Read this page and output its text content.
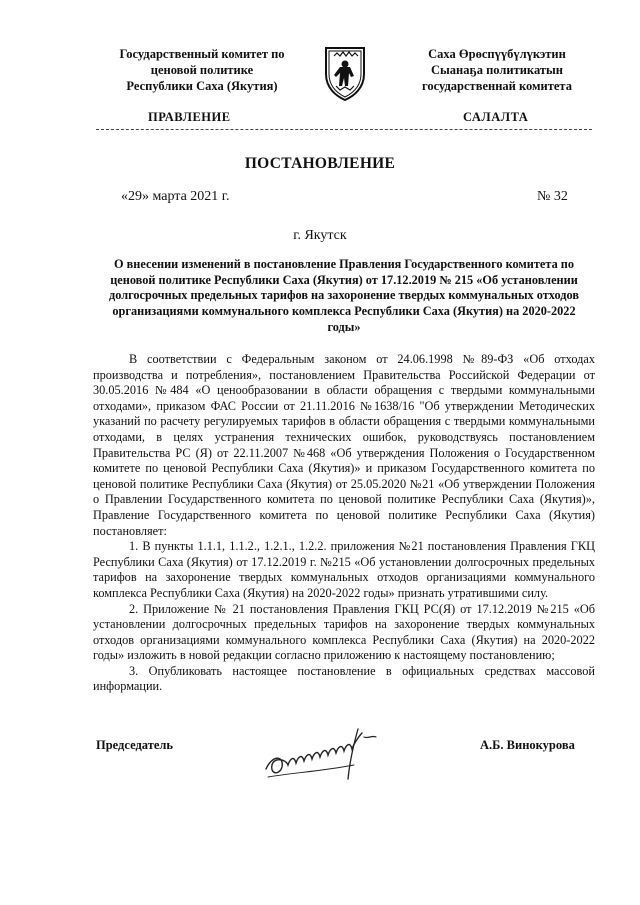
Государственный комитет по
ценовой политике
Республики Саха (Якутия)
Саха Өрөспүүбүлүкэтин
Сыанаҕа политикатын
государственнай комитета
ПРАВЛЕНИЕ	САЛАЛТА
ПОСТАНОВЛЕНИЕ
«29» марта 2021 г.	№ 32
г. Якутск
О внесении изменений в постановление Правления Государственного комитета по ценовой политике Республики Саха (Якутия) от 17.12.2019 № 215 «Об установлении долгосрочных предельных тарифов на захоронение твердых коммунальных отходов организациями коммунального комплекса Республики Саха (Якутия) на 2020-2022 годы»

В соответствии с Федеральным законом от 24.06.1998 №89-ФЗ «Об отходах производства и потребления», постановлением Правительства Российской Федерации от 30.05.2016 №484 «О ценообразовании в области обращения с твердыми коммунальными отходами», приказом ФАС России от 21.11.2016 №1638/16 "Об утверждении Методических указаний по расчету регулируемых тарифов в области обращения с твердыми коммунальными отходами, в целях устранения технических ошибок, руководствуясь постановлением Правительства РС (Я) от 22.11.2007 №468 «Об утверждения Положения о Государственном комитете по ценовой Республики Саха (Якутия)» и приказом Государственного комитета по ценовой политике Республики Саха (Якутия) от 25.05.2020 №21 «Об утверждении Положения о Правлении Государственного комитета по ценовой политике Республики Саха (Якутия)», Правление Государственного комитета по ценовой политике Республики Саха (Якутия) постановляет:

1. В пункты 1.1.1, 1.1.2., 1.2.1., 1.2.2. приложения №21 постановления Правления ГКЦ Республики Саха (Якутия) от 17.12.2019 г. №215 «Об установлении долгосрочных предельных тарифов на захоронение твердых коммунальных отходов организациями коммунального комплекса Республики Саха (Якутия) на 2020-2022 годы» признать утратившими силу.

2. Приложение № 21 постановления Правления ГКЦ РС(Я) от 17.12.2019 №215 «Об установлении долгосрочных предельных тарифов на захоронение твердых коммунальных отходов организациями коммунального комплекса Республики Саха (Якутия) на 2020-2022 годы» изложить в новой редакции согласно приложению к настоящему постановлению;

3. Опубликовать настоящее постановление в официальных средствах массовой информации.

Председатель	А.Б. Винокурова
